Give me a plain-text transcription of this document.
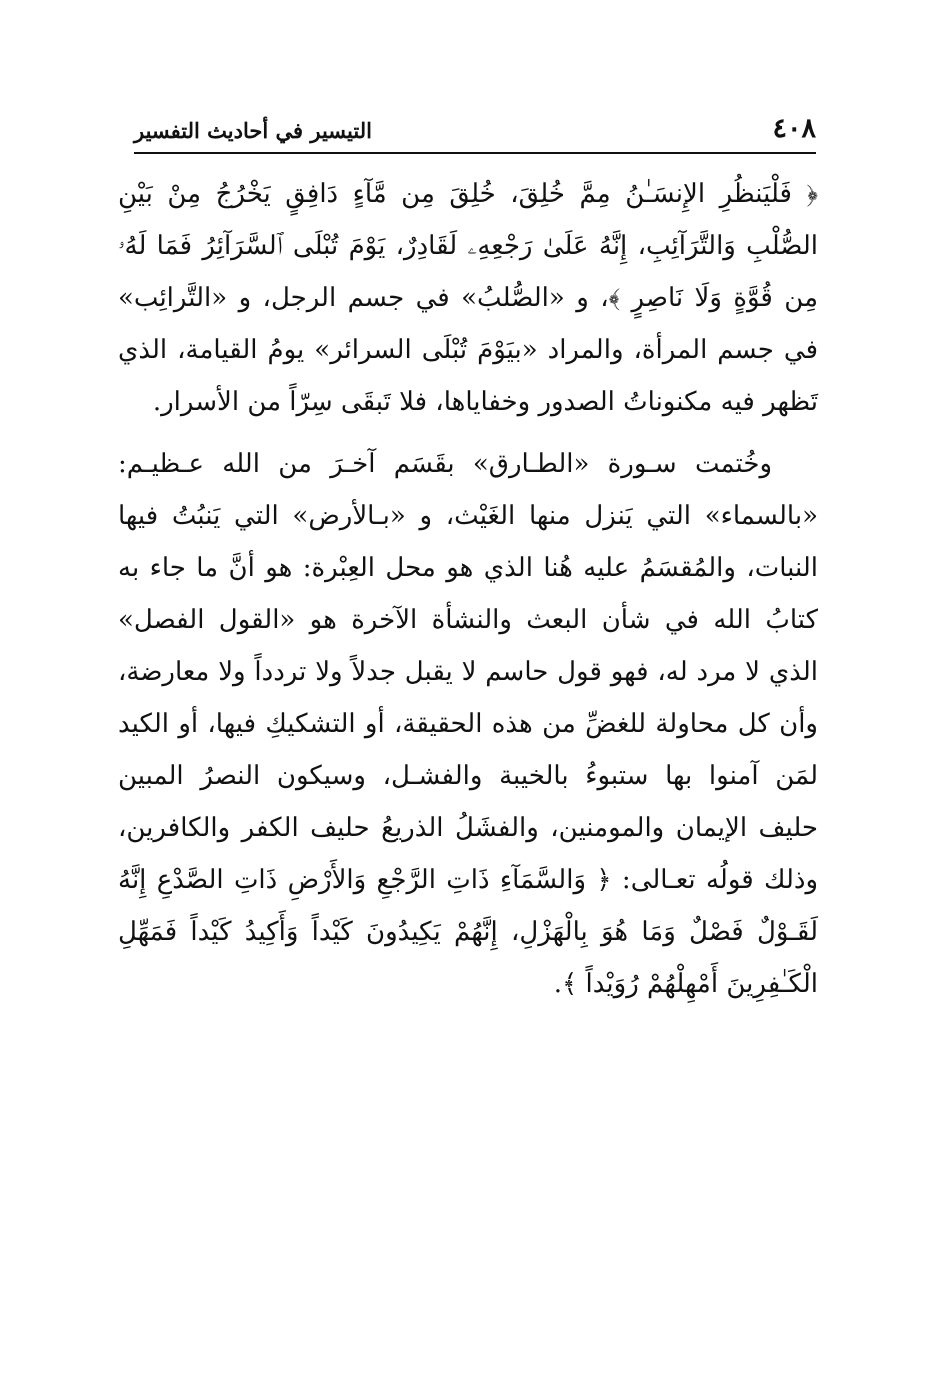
٤٠٨
التيسير في أحاديث التفسير

﴿ فَلْيَنظُرِ الإِنسَـٰنُ مِمَّ خُلِقَ، خُلِقَ مِن مَّآءٍ دَافِقٍ يَخْرُجُ مِنْ بَيْنِ الصُّلْبِ وَالتَّرَآئِبِ، إِنَّهُ عَلَىٰ رَجْعِهِۦ لَقَادِرٌ، يَوْمَ تُبْلَى ٱلسَّرَآئِرُ فَمَا لَهُۥ مِن قُوَّةٍ وَلَا نَاصِرٍ ﴾، و «الصُّلبُ» في جسم الرجل، و «التَّرائِب» في جسم المرأة، والمراد «بيَوْمَ تُبْلَى السرائر» يومُ القيامة، الذي تَظهر فيه مكنوناتُ الصدور وخفاياها، فلا تَبقَى سِرّاً من الأسرار.

وخُتمت سـورة «الطـارق» بقَسَم آخـرَ من الله عـظيـم: «بالسماء» التي يَنزل منها الغَيْث، و «بـالأرض» التي يَنبُتُ فيها النبات، والمُقسَمُ عليه هُنا الذي هو محل العِبْرة: هو أنَّ ما جاء به كتابُ الله في شأن البعث والنشأة الآخرة هو «القول الفصل» الذي لا مرد له، فهو قول حاسم لا يقبل جدلاً ولا تردداً ولا معارضة، وأن كل محاولة للغضِّ من هذه الحقيقة، أو التشكيكِ فيها، أو الكيد لمَن آمنوا بها ستبوءُ بالخيبة والفشـل، وسيكون النصرُ المبين حليف الإيمان والمومنين، والفشَلُ الذريعُ حليف الكفر والكافرين، وذلك قولُه تعـالى: ﴿ وَالسَّمَآءِ ذَاتِ الرَّجْعِ وَالأَرْضِ ذَاتِ الصَّدْعِ إِنَّهُ لَقَـوْلٌ فَصْلٌ وَمَا هُوَ بِالْهَزْلِ، إِنَّهُمْ يَكِيدُونَ كَيْداً وَأَكِيدُ كَيْداً فَمَهِّلِ الْكَـٰفِرِينَ أَمْهِلْهُمْ رُوَيْداً ﴾.
